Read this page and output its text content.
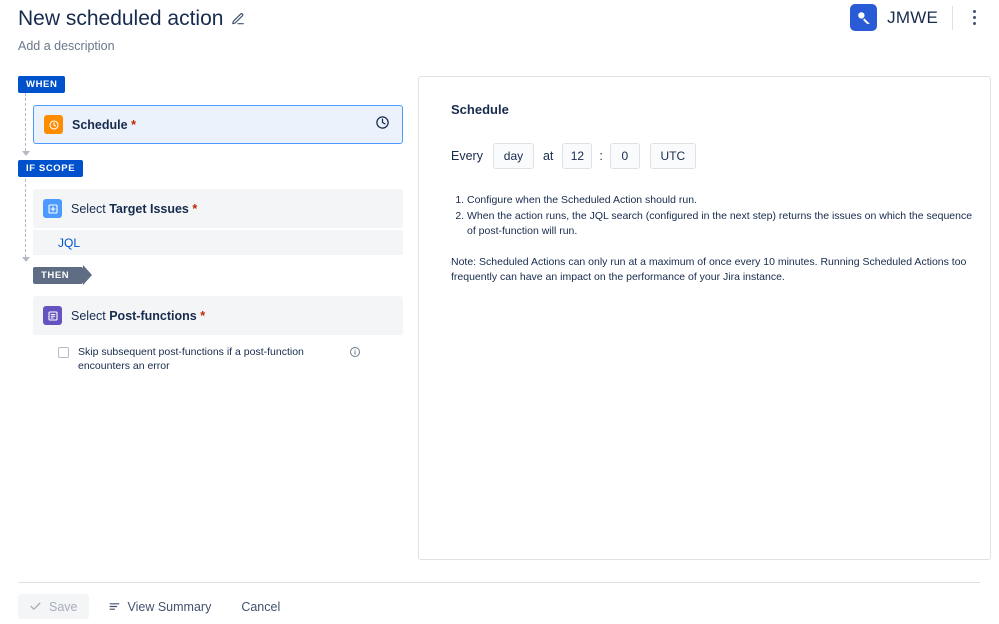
New scheduled action
Add a description
JMWE
WHEN
Schedule *
IF SCOPE
Select Target Issues *
JQL
THEN
Select Post-functions *
Skip subsequent post-functions if a post-function encounters an error
Schedule
Every	day	at	12	:	0	UTC
1. Configure when the Scheduled Action should run.
2. When the action runs, the JQL search (configured in the next step) returns the issues on which the sequence of post-function will run.
Note: Scheduled Actions can only run at a maximum of once every 10 minutes. Running Scheduled Actions too frequently can have an impact on the performance of your Jira instance.
Save	View Summary Cancel
